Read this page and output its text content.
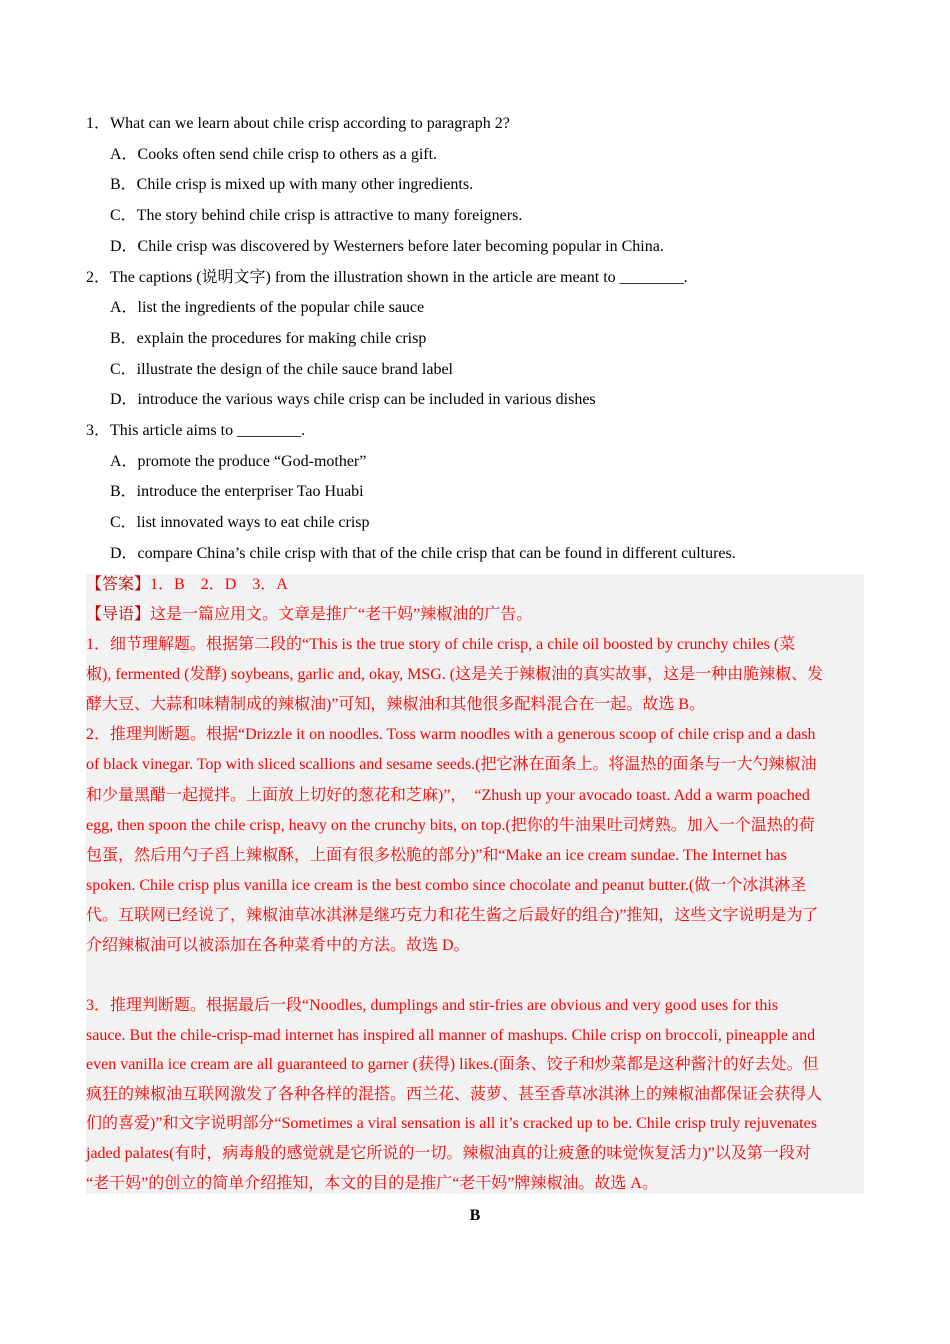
1．What can we learn about chile crisp according to paragraph 2?
A．Cooks often send chile crisp to others as a gift.
B．Chile crisp is mixed up with many other ingredients.
C．The story behind chile crisp is attractive to many foreigners.
D．Chile crisp was discovered by Westerners before later becoming popular in China.
2．The captions (说明文字) from the illustration shown in the article are meant to ________.
A．list the ingredients of the popular chile sauce
B．explain the procedures for making chile crisp
C．illustrate the design of the chile sauce brand label
D．introduce the various ways chile crisp can be included in various dishes
3．This article aims to ________.
A．promote the produce “God-mother”
B．introduce the enterpriser Tao Huabi
C．list innovated ways to eat chile crisp
D．compare China’s chile crisp with that of the chile crisp that can be found in different cultures.
【答案】1．B　2．D　3．A
【导语】这是一篇应用文。文章是推广“老干妈”辣椒油的广告。
1．细节理解题。根据第二段的“This is the true story of chile crisp, a chile oil boosted by crunchy chiles (菜
椒), fermented (发酵) soybeans, garlic and, okay, MSG. (这是关于辣椒油的真实故事，这是一种由脆辣椒、发
酵大豆、大蒜和味精制成的辣椒油)”可知，辣椒油和其他很多配料混合在一起。故选 B。
2．推理判断题。根据“Drizzle it on noodles. Toss warm noodles with a generous scoop of chile crisp and a dash
of black vinegar. Top with sliced scallions and sesame seeds.(把它淋在面条上。将温热的面条与一大勺辣椒油
和少量黑醋一起搅拌。上面放上切好的葱花和芝麻)”，　“Zhush up your avocado toast. Add a warm poached
egg, then spoon the chile crisp, heavy on the crunchy bits, on top.(把你的牛油果吐司烤熟。加入一个温热的荷
包蛋，然后用勺子舀上辣椒酥，上面有很多松脆的部分)”和“Make an ice cream sundae. The Internet has
spoken. Chile crisp plus vanilla ice cream is the best combo since chocolate and peanut butter.(做一个冰淇淋圣
代。互联网已经说了，辣椒油草冰淇淋是继巧克力和花生酱之后最好的组合)”推知，这些文字说明是为了
介绍辣椒油可以被添加在各种菜肴中的方法。故选 D。
3．推理判断题。根据最后一段“Noodles, dumplings and stir-fries are obvious and very good uses for this
sauce. But the chile-crisp-mad internet has inspired all manner of mashups. Chile crisp on broccoli, pineapple and
even vanilla ice cream are all guaranteed to garner (获得) likes.(面条、饺子和炒菜都是这种酱汁的好去处。但
疯狂的辣椒油互联网激发了各种各样的混搭。西兰花、菠萝、甚至香草冰淇淋上的辣椒油都保证会获得人
们的喜爱)”和文字说明部分“Sometimes a viral sensation is all it’s cracked up to be. Chile crisp truly rejuvenates
jaded palates(有时，病毒般的感觉就是它所说的一切。辣椒油真的让疲惫的味觉恢复活力)”以及第一段对
“老干妈”的创立的简单介绍推知，本文的目的是推广“老干妈”牌辣椒油。故选 A。
B
